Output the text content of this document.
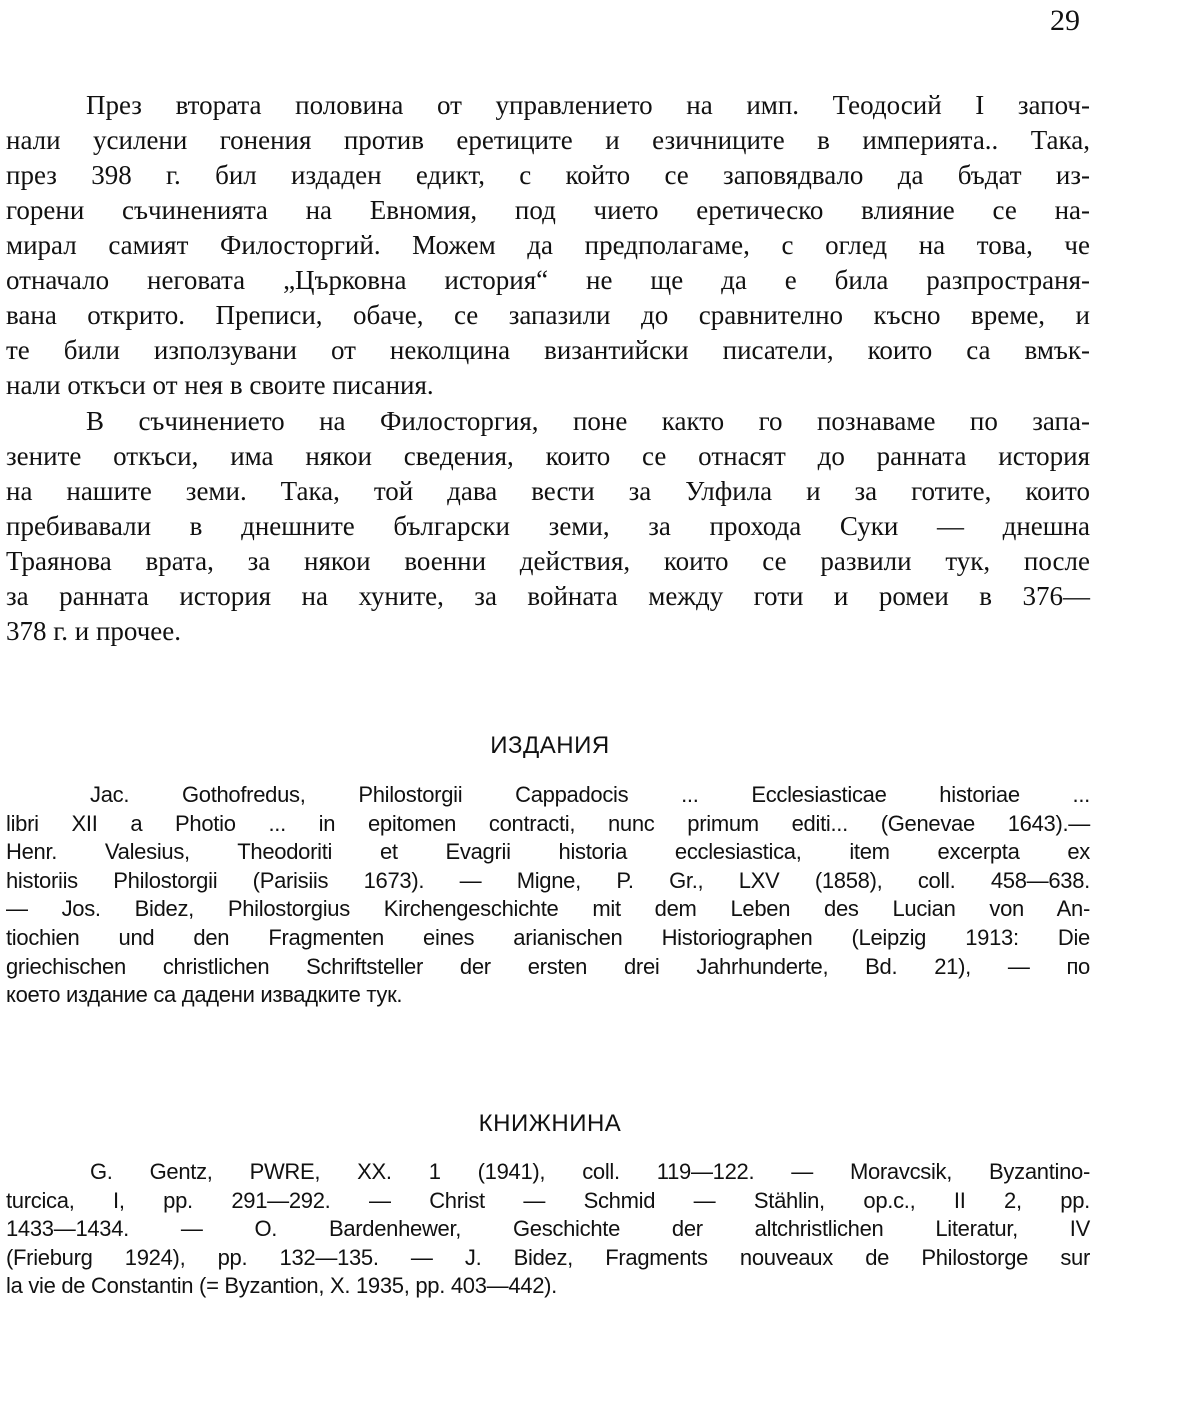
29
През втората половина от управлението на имп. Теодосий I започ-
нали усилени гонения против еретиците и езичниците в империята.. Така,
през 398 г. бил издаден едикт, с който се заповядвало да бъдат из-
горени съчиненията на Евномия, под чието еретическо влияние се на-
мирал самият Филосторгий. Можем да предполагаме, с оглед на това, че
отначало неговата „Църковна история“ не ще да е била разпространя-
вана открито. Преписи, обаче, се запазили до сравнително късно време, и
те били използувани от неколцина византийски писатели, които са вмък-
нали откъси от нея в своите писания.
В съчинението на Филосторгия, поне както го познаваме по запа-
зените откъси, има някои сведения, които се отнасят до ранната история
на нашите земи. Така, той дава вести за Улфила и за готите, които
пребивавали в днешните български земи, за прохода Суки — днешна
Траянова врата, за някои военни действия, които се развили тук, после
за ранната история на хуните, за войната между готи и ромеи в 376—
378 г. и прочее.
ИЗДАНИЯ
Jac. Gothofredus, Philostorgii Cappadocis ... Ecclesiasticae historiae ...
libri XII a Photio ... in epitomen contracti, nunc primum editi... (Genevae 1643).—
Henr. Valesius, Theodoriti et Evagrii historia ecclesiastica, item excerpta ex
historiis Philostorgii (Parisiis 1673). — Migne, P. Gr., LXV (1858), coll. 458—638.
— Jos. Bidez, Philostorgius Kirchengeschichte mit dem Leben des Lucian von An-
tiochien und den Fragmenten eines arianischen Historiographen (Leipzig 1913: Die
griechischen christlichen Schriftsteller der ersten drei Jahrhunderte, Bd. 21), — по
което издание са дадени извадките тук.
КНИЖНИНА
G. Gentz, PWRE, XX. 1 (1941), coll. 119—122. — Moravcsik, Byzantino-
turcica, I, pp. 291—292. — Christ — Schmid — Stählin, op.c., II 2, pp.
1433—1434. — O. Bardenhewer, Geschichte der altchristlichen Literatur, IV
(Frieburg 1924), pp. 132—135. — J. Bidez, Fragments nouveaux de Philostorge sur
la vie de Constantin (= Byzantion, X. 1935, pp. 403—442).
